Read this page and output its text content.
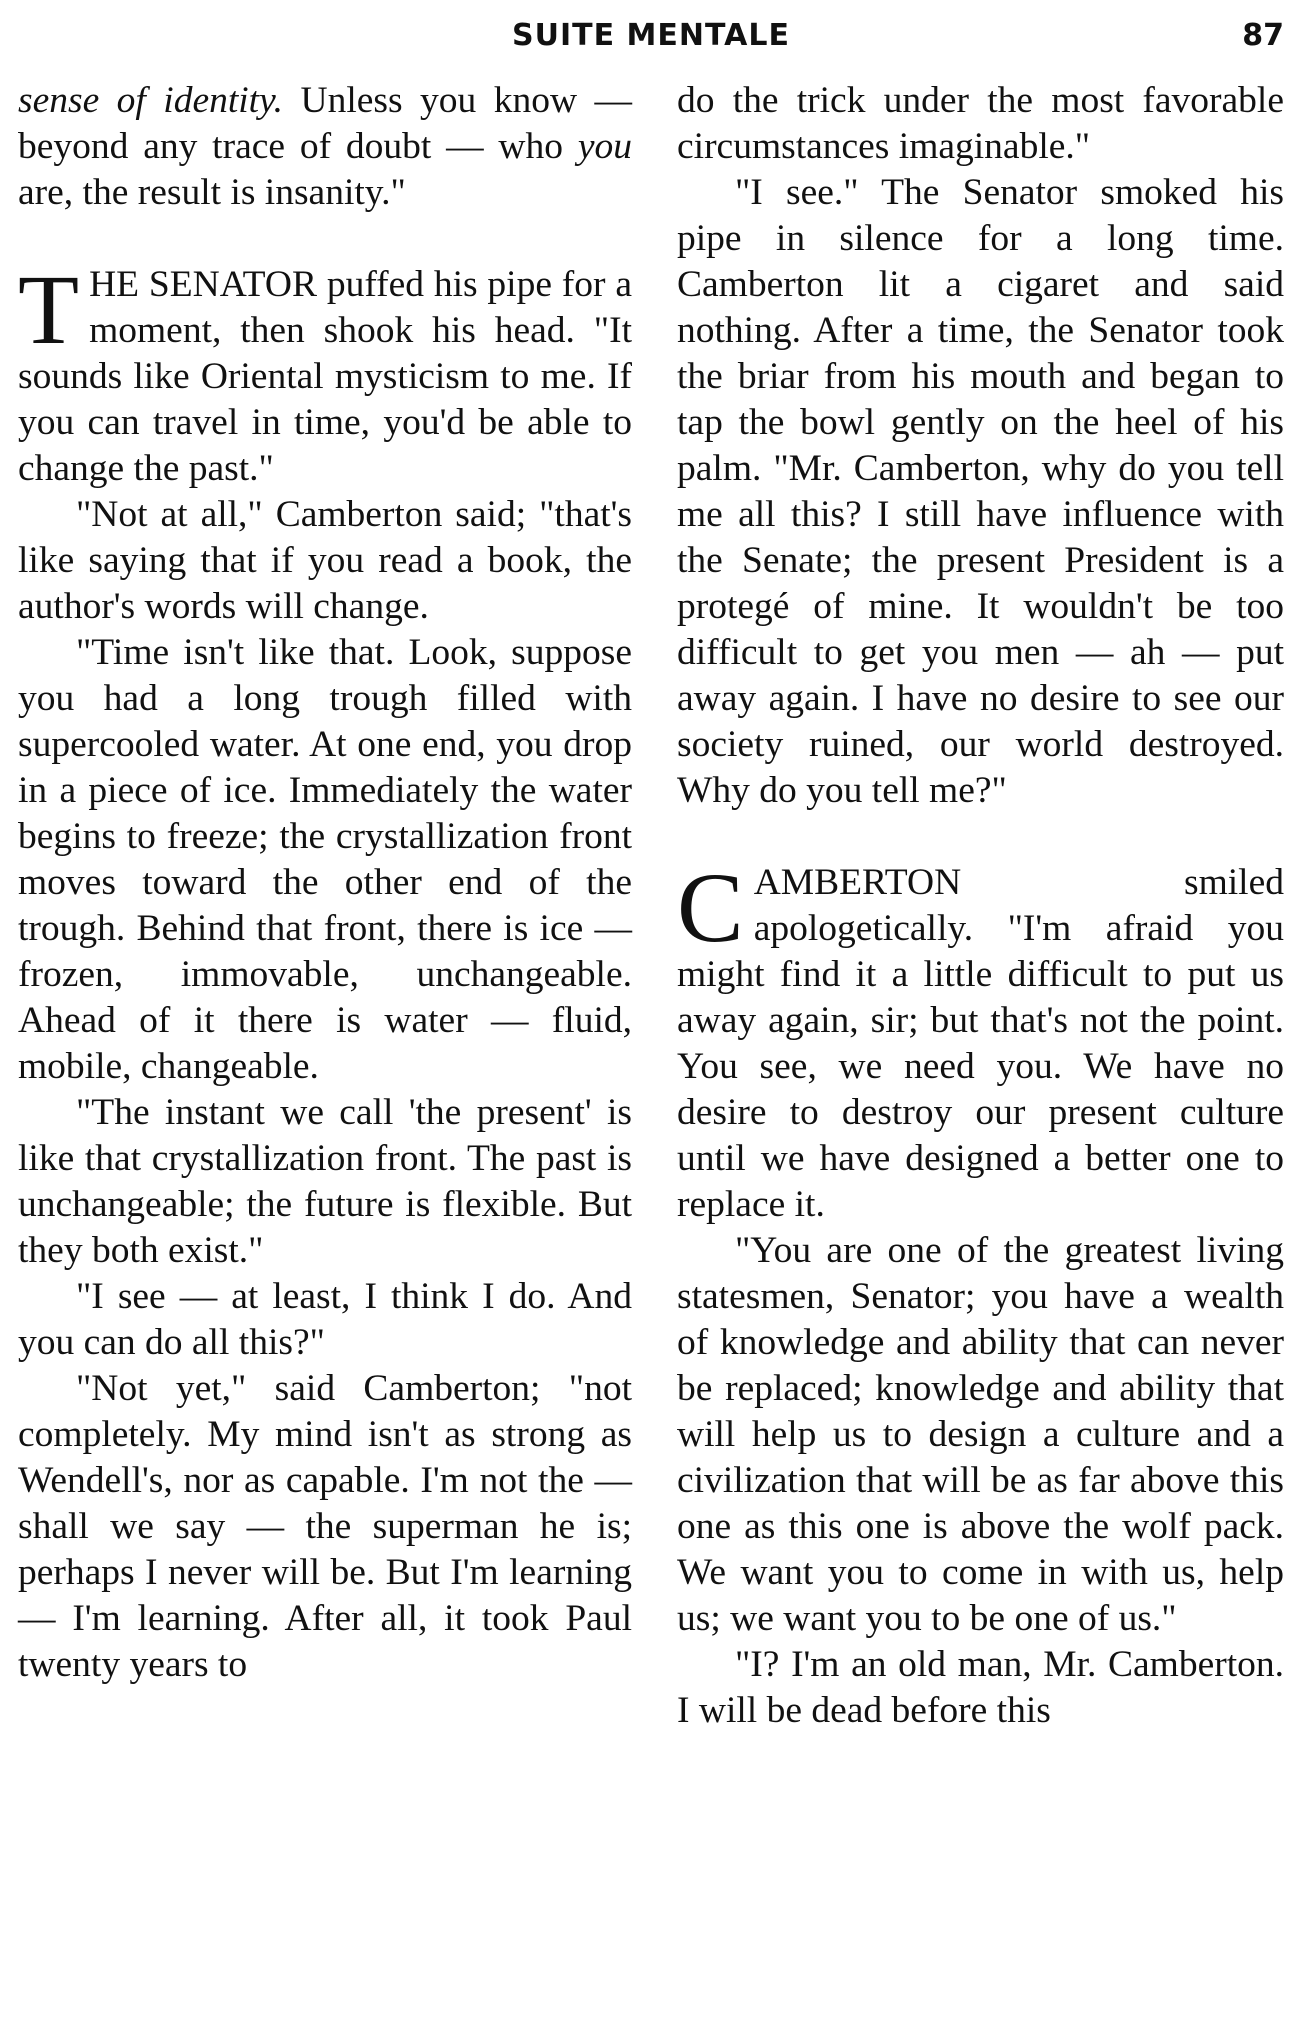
SUITE MENTALE	87

sense of identity. Unless you know — beyond any trace of doubt — who you are, the result is insanity."

THE SENATOR puffed his pipe for a moment, then shook his head. "It sounds like Oriental mysticism to me. If you can travel in time, you'd be able to change the past."

"Not at all," Camberton said; "that's like saying that if you read a book, the author's words will change.

"Time isn't like that. Look, suppose you had a long trough filled with supercooled water. At one end, you drop in a piece of ice. Immediately the water begins to freeze; the crystallization front moves toward the other end of the trough. Behind that front, there is ice — frozen, immovable, unchangeable. Ahead of it there is water — fluid, mobile, changeable.

"The instant we call 'the present' is like that crystallization front. The past is unchangeable; the future is flexible. But they both exist."

"I see — at least, I think I do. And you can do all this?"

"Not yet," said Camberton; "not completely. My mind isn't as strong as Wendell's, nor as capable. I'm not the — shall we say — the superman he is; perhaps I never will be. But I'm learning — I'm learning. After all, it took Paul twenty years to

do the trick under the most favorable circumstances imaginable."

"I see." The Senator smoked his pipe in silence for a long time. Camberton lit a cigaret and said nothing. After a time, the Senator took the briar from his mouth and began to tap the bowl gently on the heel of his palm. "Mr. Camberton, why do you tell me all this? I still have influence with the Senate; the present President is a protegé of mine. It wouldn't be too difficult to get you men — ah — put away again. I have no desire to see our society ruined, our world destroyed. Why do you tell me?"

CAMBERTON smiled apologetically. "I'm afraid you might find it a little difficult to put us away again, sir; but that's not the point. You see, we need you. We have no desire to destroy our present culture until we have designed a better one to replace it.

"You are one of the greatest living statesmen, Senator; you have a wealth of knowledge and ability that can never be replaced; knowledge and ability that will help us to design a culture and a civilization that will be as far above this one as this one is above the wolf pack. We want you to come in with us, help us; we want you to be one of us."

"I? I'm an old man, Mr. Camberton. I will be dead before this
